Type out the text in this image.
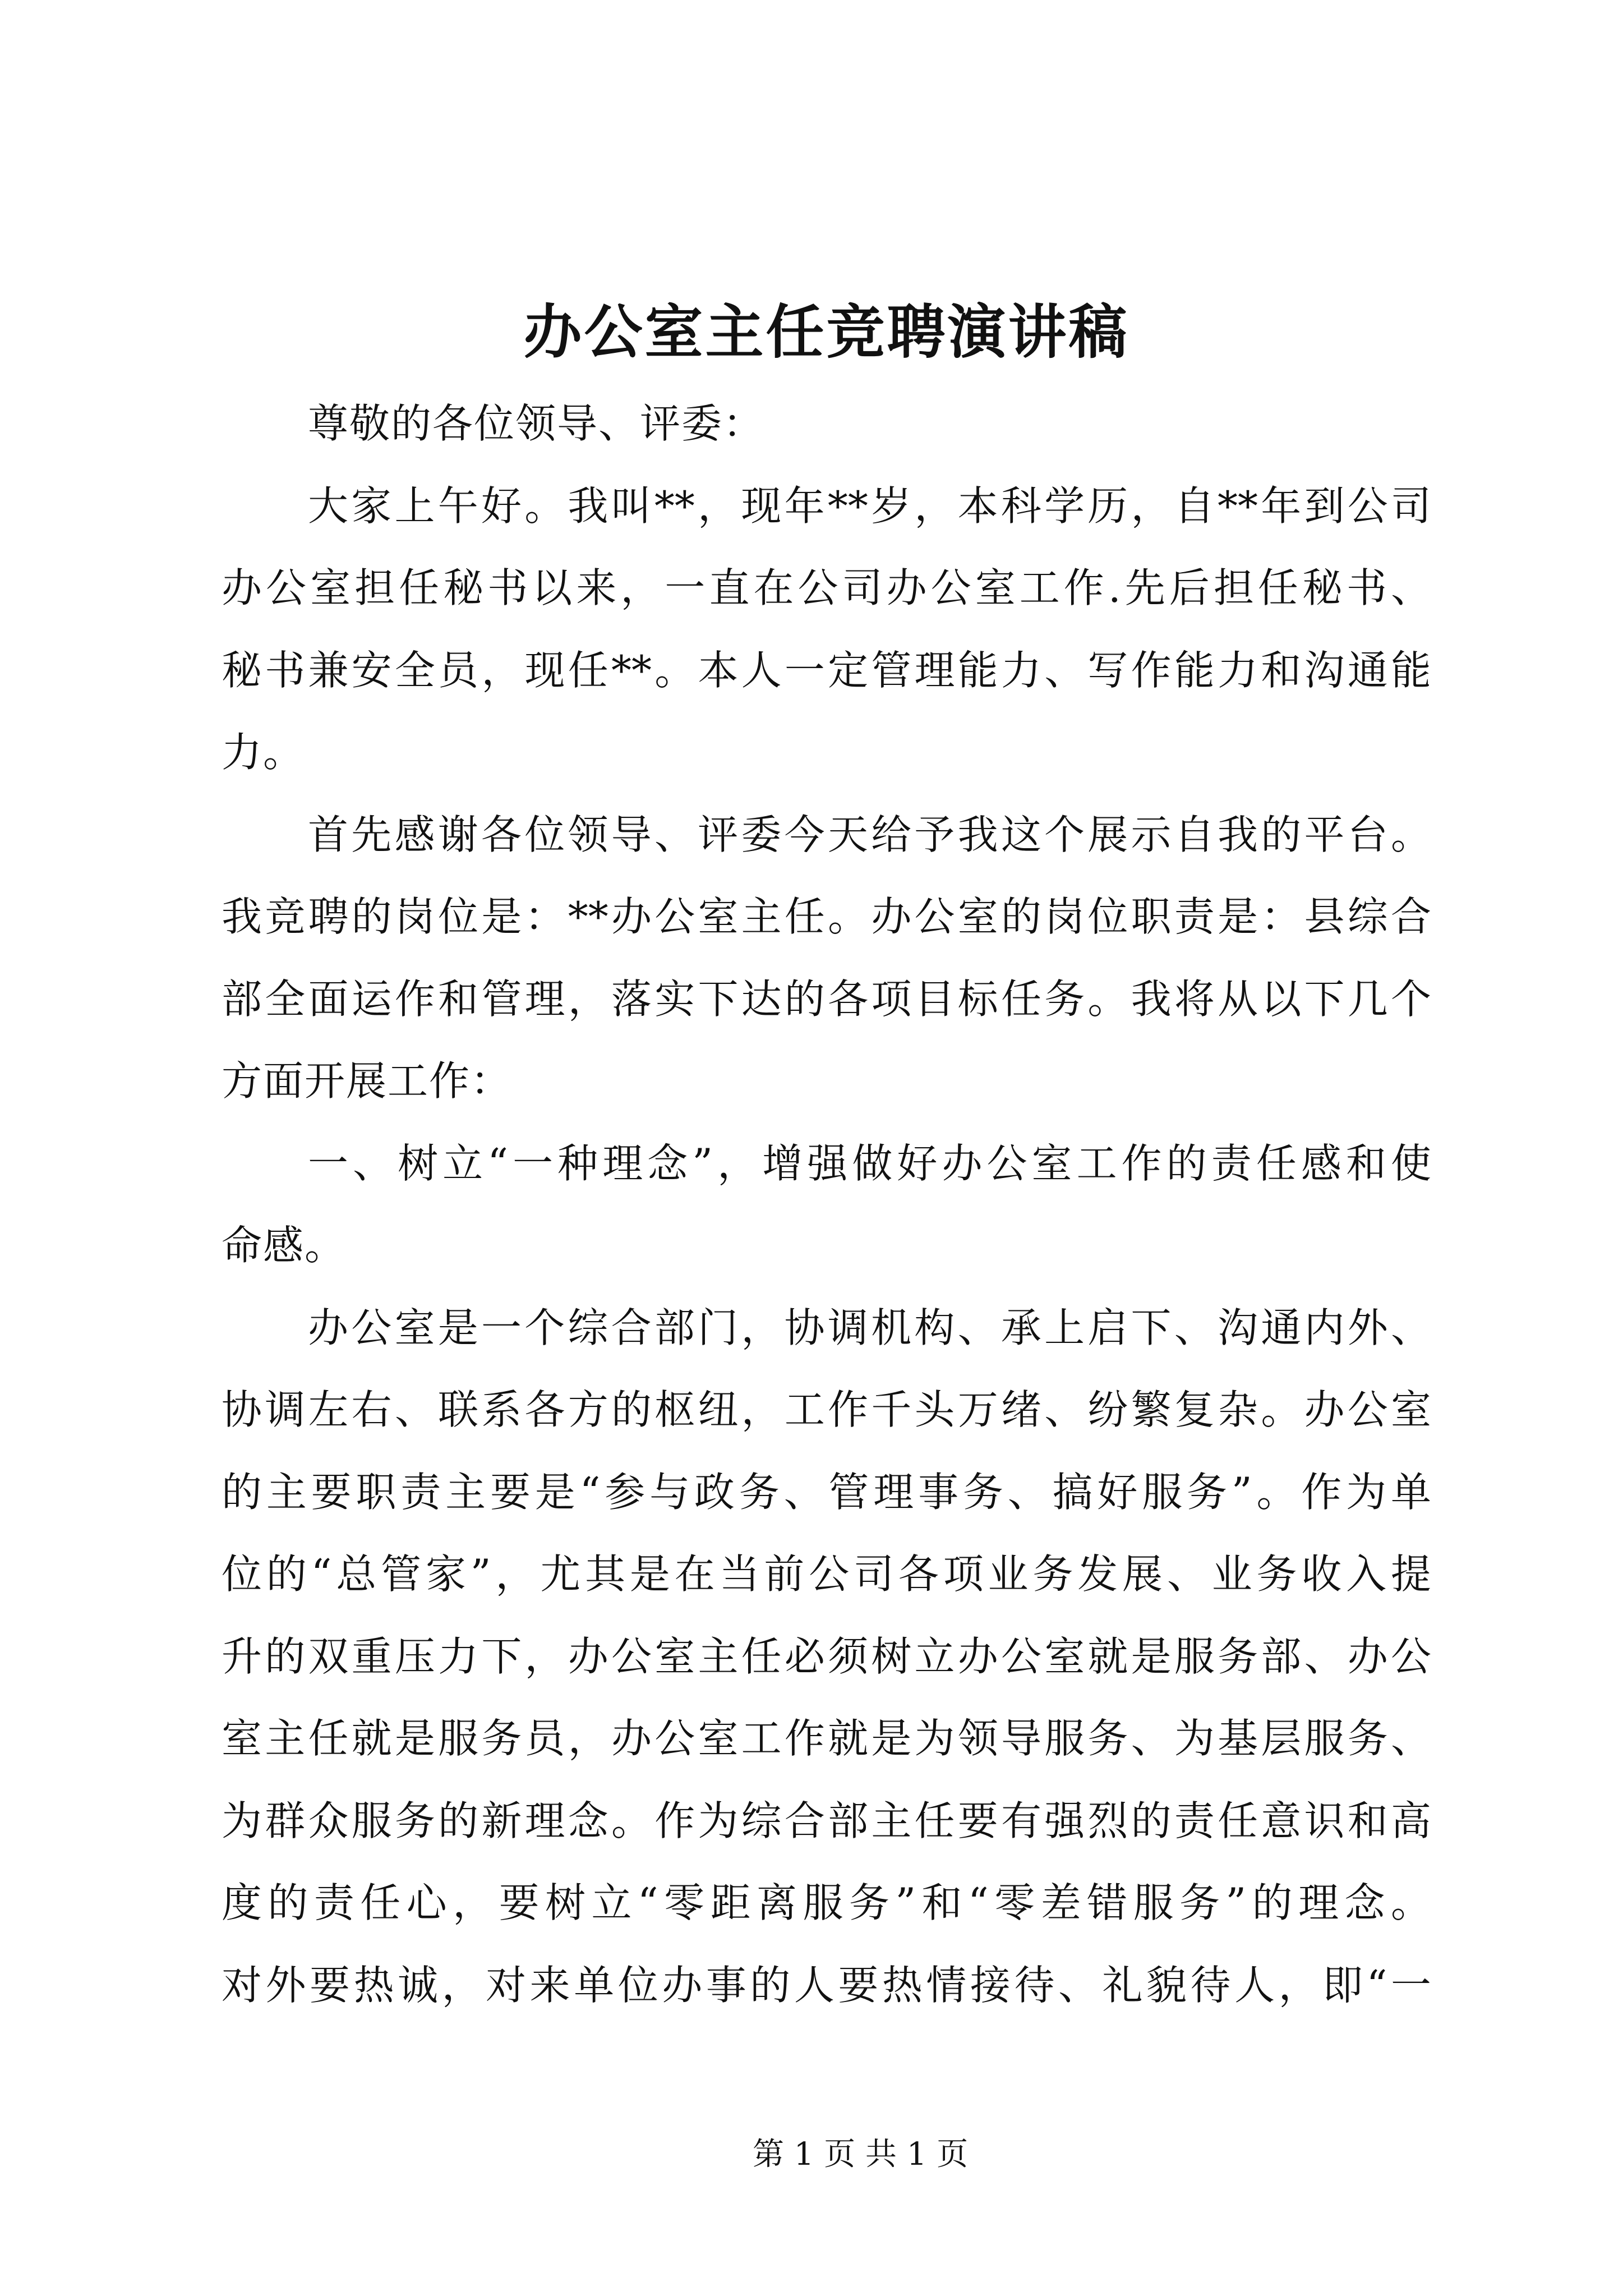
办公室主任竞聘演讲稿
尊敬的各位领导、评委：
大家上午好。我叫**，现年**岁，本科学历，自**年到公司
办公室担任秘书以来，一直在公司办公室工作.先后担任秘书、
秘书兼安全员，现任**。本人一定管理能力、写作能力和沟通能
力。
首先感谢各位领导、评委今天给予我这个展示自我的平台。
我竞聘的岗位是：**办公室主任。办公室的岗位职责是：县综合
部全面运作和管理，落实下达的各项目标任务。我将从以下几个
方面开展工作：
一、树立“一种理念”，增强做好办公室工作的责任感和使
命感。
办公室是一个综合部门，协调机构、承上启下、沟通内外、
协调左右、联系各方的枢纽，工作千头万绪、纷繁复杂。办公室
的主要职责主要是“参与政务、管理事务、搞好服务”。作为单
位的“总管家”，尤其是在当前公司各项业务发展、业务收入提
升的双重压力下，办公室主任必须树立办公室就是服务部、办公
室主任就是服务员，办公室工作就是为领导服务、为基层服务、
为群众服务的新理念。作为综合部主任要有强烈的责任意识和高
度的责任心，要树立“零距离服务”和“零差错服务”的理念。
对外要热诚，对来单位办事的人要热情接待、礼貌待人，即“一
第 1 页 共 1 页
